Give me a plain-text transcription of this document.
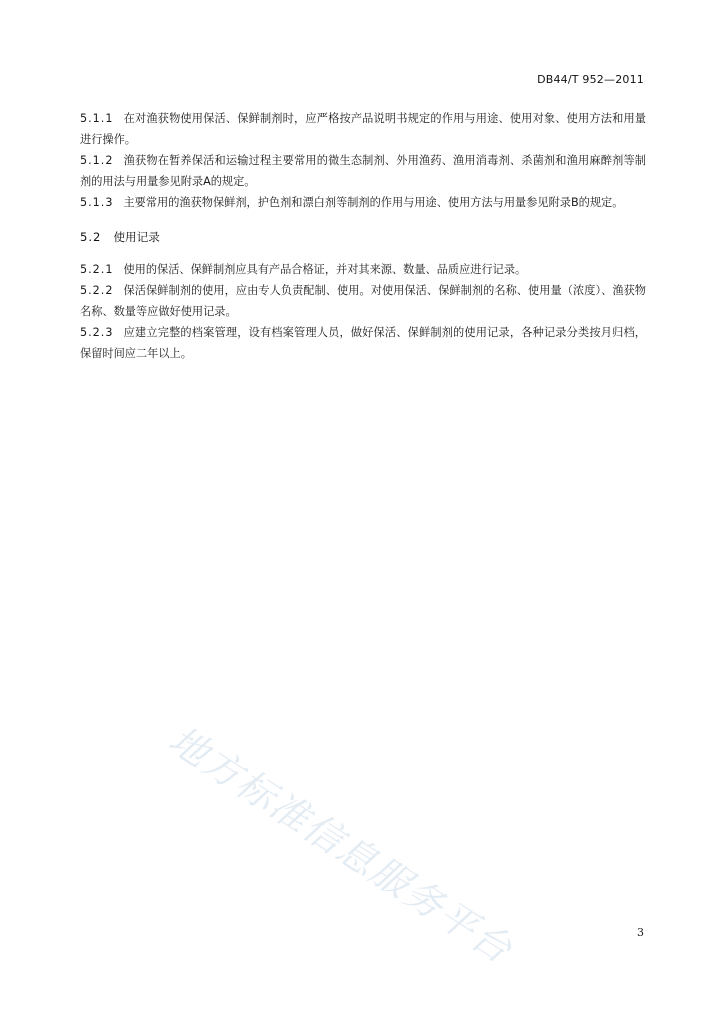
DB44/T 952—2011

5.1.1 在对渔获物使用保活、保鲜制剂时，应严格按产品说明书规定的作用与用途、使用对象、使用方法和用量进行操作。

5.1.2 渔获物在暂养保活和运输过程主要常用的微生态制剂、外用渔药、渔用消毒剂、杀菌剂和渔用麻醉剂等制剂的用法与用量参见附录A的规定。

5.1.3 主要常用的渔获物保鲜剂，护色剂和漂白剂等制剂的作用与用途、使用方法与用量参见附录B的规定。

5.2 使用记录

5.2.1 使用的保活、保鲜制剂应具有产品合格证，并对其来源、数量、品质应进行记录。

5.2.2 保活保鲜制剂的使用，应由专人负责配制、使用。对使用保活、保鲜制剂的名称、使用量（浓度）、渔获物名称、数量等应做好使用记录。

5.2.3 应建立完整的档案管理，设有档案管理人员，做好保活、保鲜制剂的使用记录，各种记录分类按月归档，保留时间应二年以上。

地方标准信息服务平台	3
